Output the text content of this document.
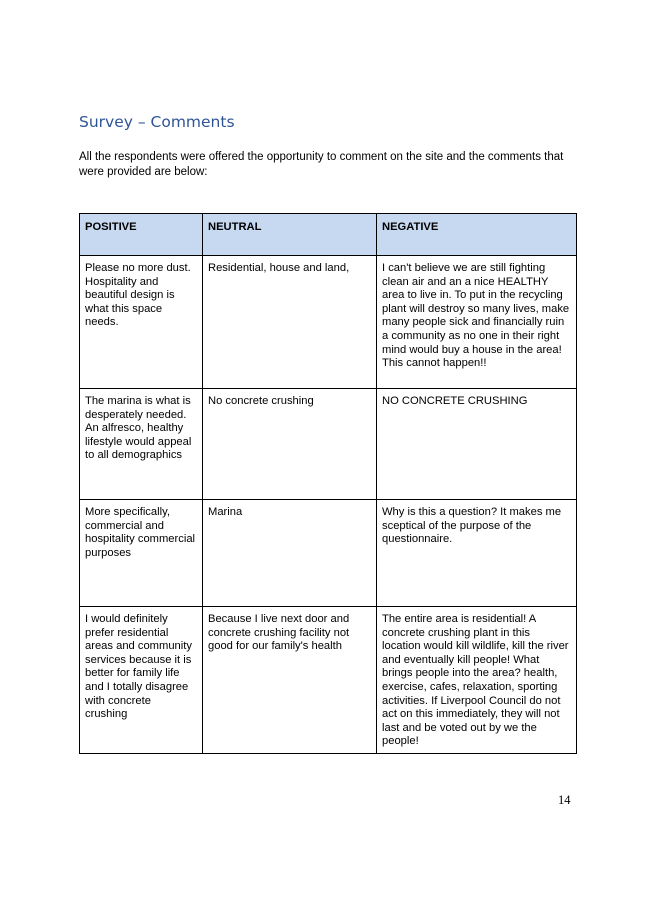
Survey – Comments
All the respondents were offered the opportunity to comment on the site and the comments that were provided are below:
POSITIVE	NEUTRAL	NEGATIVE
Please no more dust. Hospitality and beautiful design is what this space needs.	Residential, house and land,	I can't believe we are still fighting clean air and an a nice HEALTHY area to live in. To put in the recycling plant will destroy so many lives, make many people sick and financially ruin a community as no one in their right mind would buy a house in the area! This cannot happen!!
The marina is what is desperately needed. An alfresco, healthy lifestyle would appeal to all demographics	No concrete crushing	NO CONCRETE CRUSHING
More specifically, commercial and hospitality commercial purposes	Marina	Why is this a question? It makes me sceptical of the purpose of the questionnaire.
I would definitely prefer residential areas and community services because it is better for family life and I totally disagree with concrete crushing	Because I live next door and concrete crushing facility not good for our family's health	The entire area is residential! A concrete crushing plant in this location would kill wildlife, kill the river and eventually kill people! What brings people into the area? health, exercise, cafes, relaxation, sporting activities. If Liverpool Council do not act on this immediately, they will not last and be voted out by we the people!
14
